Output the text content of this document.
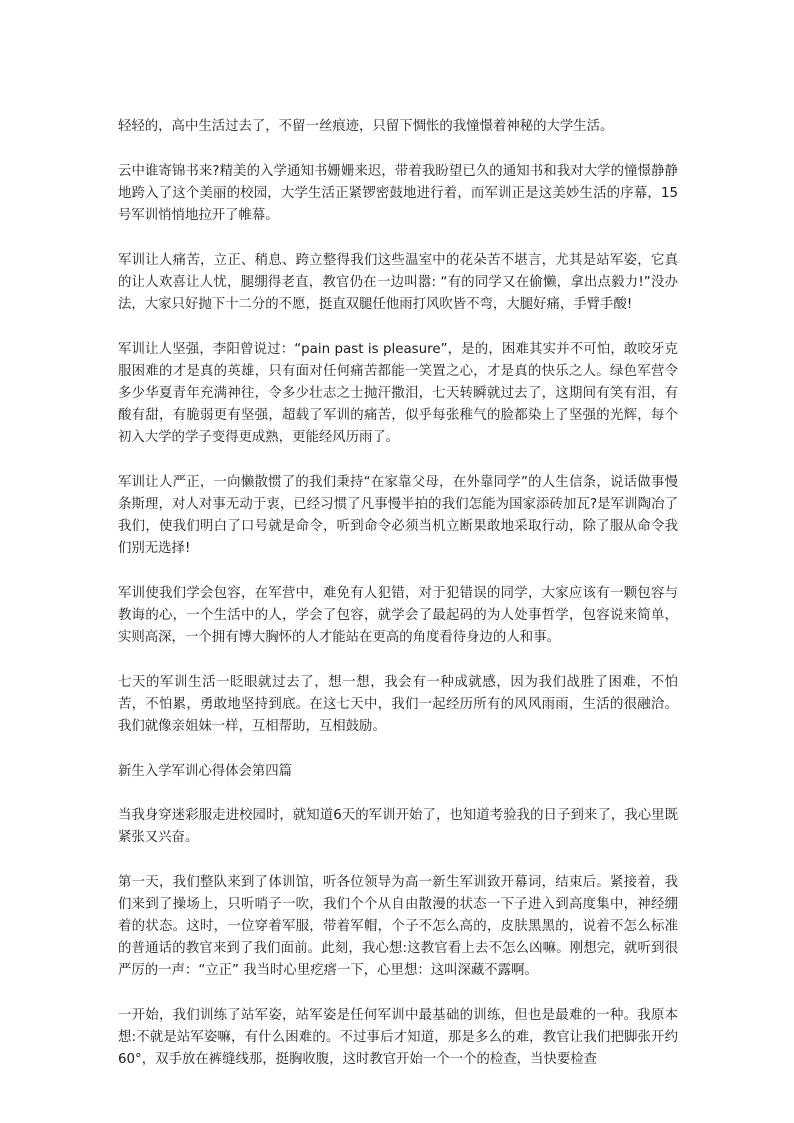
轻轻的，高中生活过去了，不留一丝痕迹，只留下惆怅的我憧憬着神秘的大学生活。

云中谁寄锦书来?精美的入学通知书姗姗来迟，带着我盼望已久的通知书和我对大学的憧憬静静地跨入了这个美丽的校园，大学生活正紧锣密鼓地进行着，而军训正是这美妙生活的序幕，15号军训悄悄地拉开了帷幕。

军训让人痛苦，立正、稍息、跨立整得我们这些温室中的花朵苦不堪言，尤其是站军姿，它真的让人欢喜让人忧，腿绷得老直，教官仍在一边叫嚣: “有的同学又在偷懒，拿出点毅力!”没办法，大家只好抛下十二分的不愿，挺直双腿任他雨打风吹皆不弯，大腿好痛，手臂手酸!

军训让人坚强，李阳曾说过：“pain past is pleasure”，是的，困难其实并不可怕，敢咬牙克服困难的才是真的英雄，只有面对任何痛苦都能一笑置之心，才是真的快乐之人。绿色军营令多少华夏青年充满神往，令多少壮志之士抛汗撒泪，七天转瞬就过去了，这期间有笑有泪，有酸有甜，有脆弱更有坚强，超载了军训的痛苦，似乎每张稚气的脸都染上了坚强的光辉，每个初入大学的学子变得更成熟，更能经风历雨了。

军训让人严正，一向懒散惯了的我们秉持“在家靠父母，在外靠同学”的人生信条，说话做事慢条斯理，对人对事无动于衷，已经习惯了凡事慢半拍的我们怎能为国家添砖加瓦?是军训陶冶了我们，使我们明白了口号就是命令，听到命令必须当机立断果敢地采取行动，除了服从命令我们别无选择!

军训使我们学会包容，在军营中，难免有人犯错，对于犯错误的同学，大家应该有一颗包容与教诲的心，一个生活中的人，学会了包容，就学会了最起码的为人处事哲学，包容说来简单，实则高深，一个拥有博大胸怀的人才能站在更高的角度看待身边的人和事。

七天的军训生活一眨眼就过去了，想一想，我会有一种成就感，因为我们战胜了困难，不怕苦，不怕累，勇敢地坚持到底。在这七天中，我们一起经历所有的风风雨雨，生活的很融洽。我们就像亲姐妹一样，互相帮助，互相鼓励。

新生入学军训心得体会第四篇

当我身穿迷彩服走进校园时，就知道6天的军训开始了，也知道考验我的日子到来了，我心里既紧张又兴奋。

第一天，我们整队来到了体训馆，听各位领导为高一新生军训致开幕词，结束后。紧接着，我们来到了操场上，只听哨子一吹，我们个个从自由散漫的状态一下子进入到高度集中，神经绷着的状态。这时，一位穿着军服，带着军帽，个子不怎么高的，皮肤黑黑的，说着不怎么标准的普通话的教官来到了我们面前。此刻，我心想:这教官看上去不怎么凶嘛。刚想完，就听到很严厉的一声：“立正” 我当时心里疙瘩一下，心里想：这叫深藏不露啊。

一开始，我们训练了站军姿，站军姿是任何军训中最基础的训练，但也是最难的一种。我原本想:不就是站军姿嘛，有什么困难的。不过事后才知道，那是多么的难，教官让我们把脚张开约 60°，双手放在裤缝线那，挺胸收腹，这时教官开始一个一个的检查，当快要检查
